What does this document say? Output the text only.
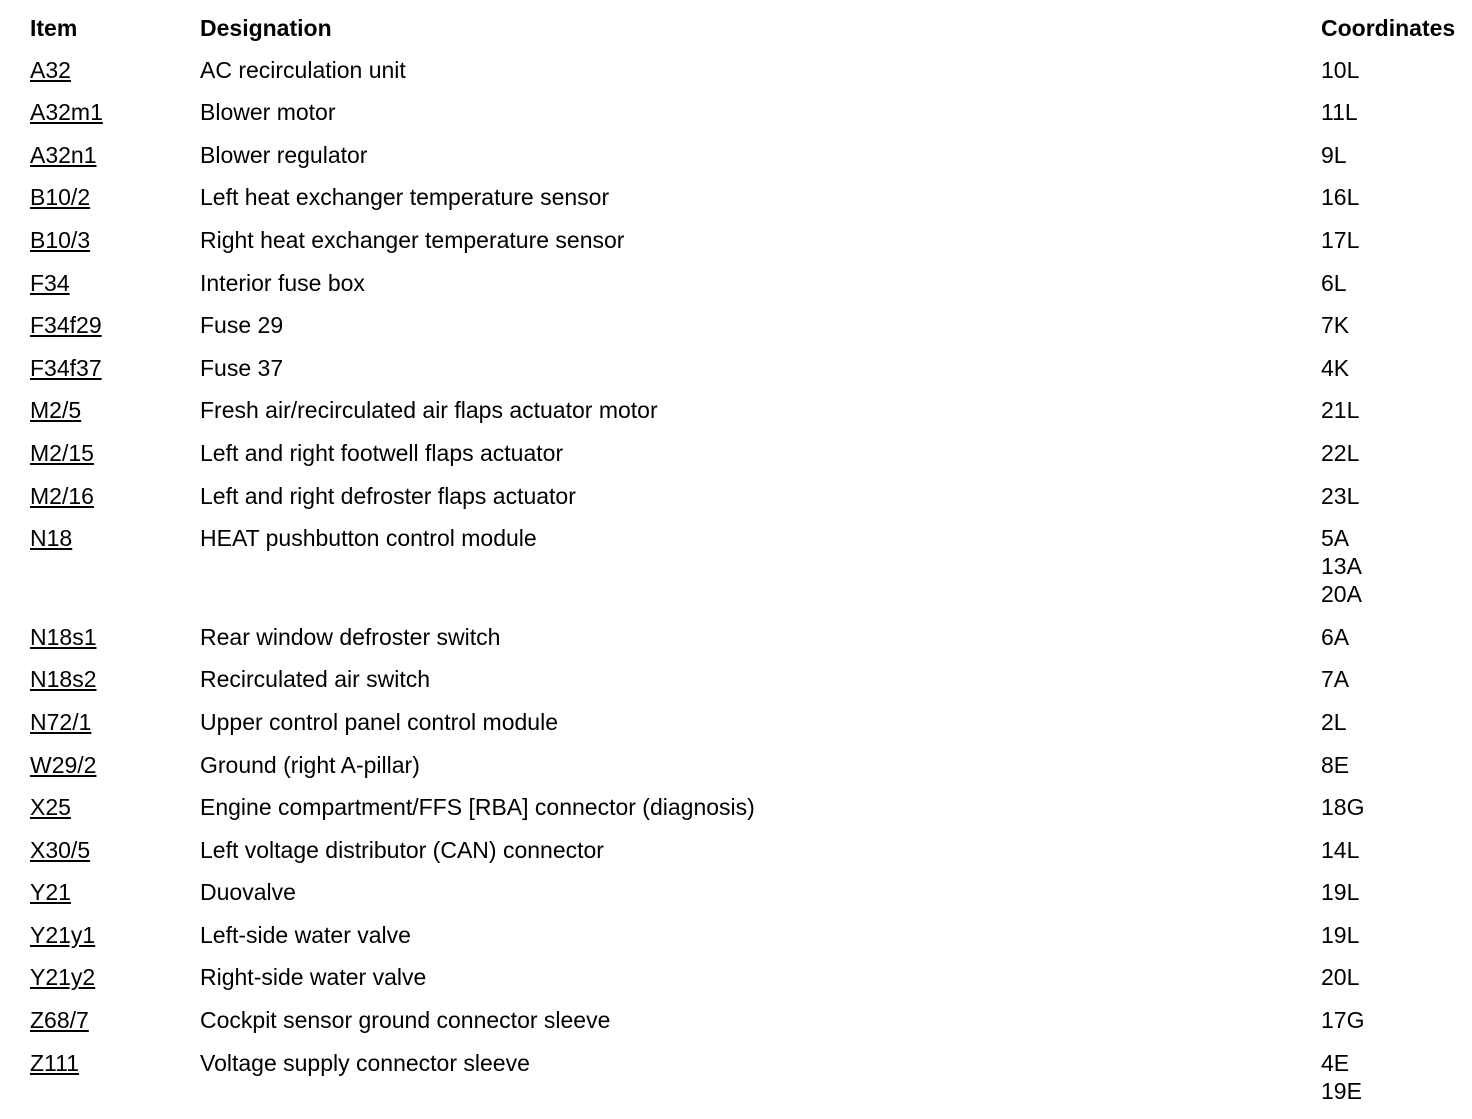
Item	Designation	Coordinates
A32	AC recirculation unit	10L
A32m1	Blower motor	11L
A32n1	Blower regulator	9L
B10/2	Left heat exchanger temperature sensor	16L
B10/3	Right heat exchanger temperature sensor	17L
F34	Interior fuse box	6L
F34f29	Fuse 29	7K
F34f37	Fuse 37	4K
M2/5	Fresh air/recirculated air flaps actuator motor	21L
M2/15	Left and right footwell flaps actuator	22L
M2/16	Left and right defroster flaps actuator	23L
N18	HEAT pushbutton control module	5A
13A
20A
N18s1	Rear window defroster switch	6A
N18s2	Recirculated air switch	7A
N72/1	Upper control panel control module	2L
W29/2	Ground (right A-pillar)	8E
X25	Engine compartment/FFS [RBA] connector (diagnosis)	18G
X30/5	Left voltage distributor (CAN) connector	14L
Y21	Duovalve	19L
Y21y1	Left-side water valve	19L
Y21y2	Right-side water valve	20L
Z68/7	Cockpit sensor ground connector sleeve	17G
Z111	Voltage supply connector sleeve	4E
19E
